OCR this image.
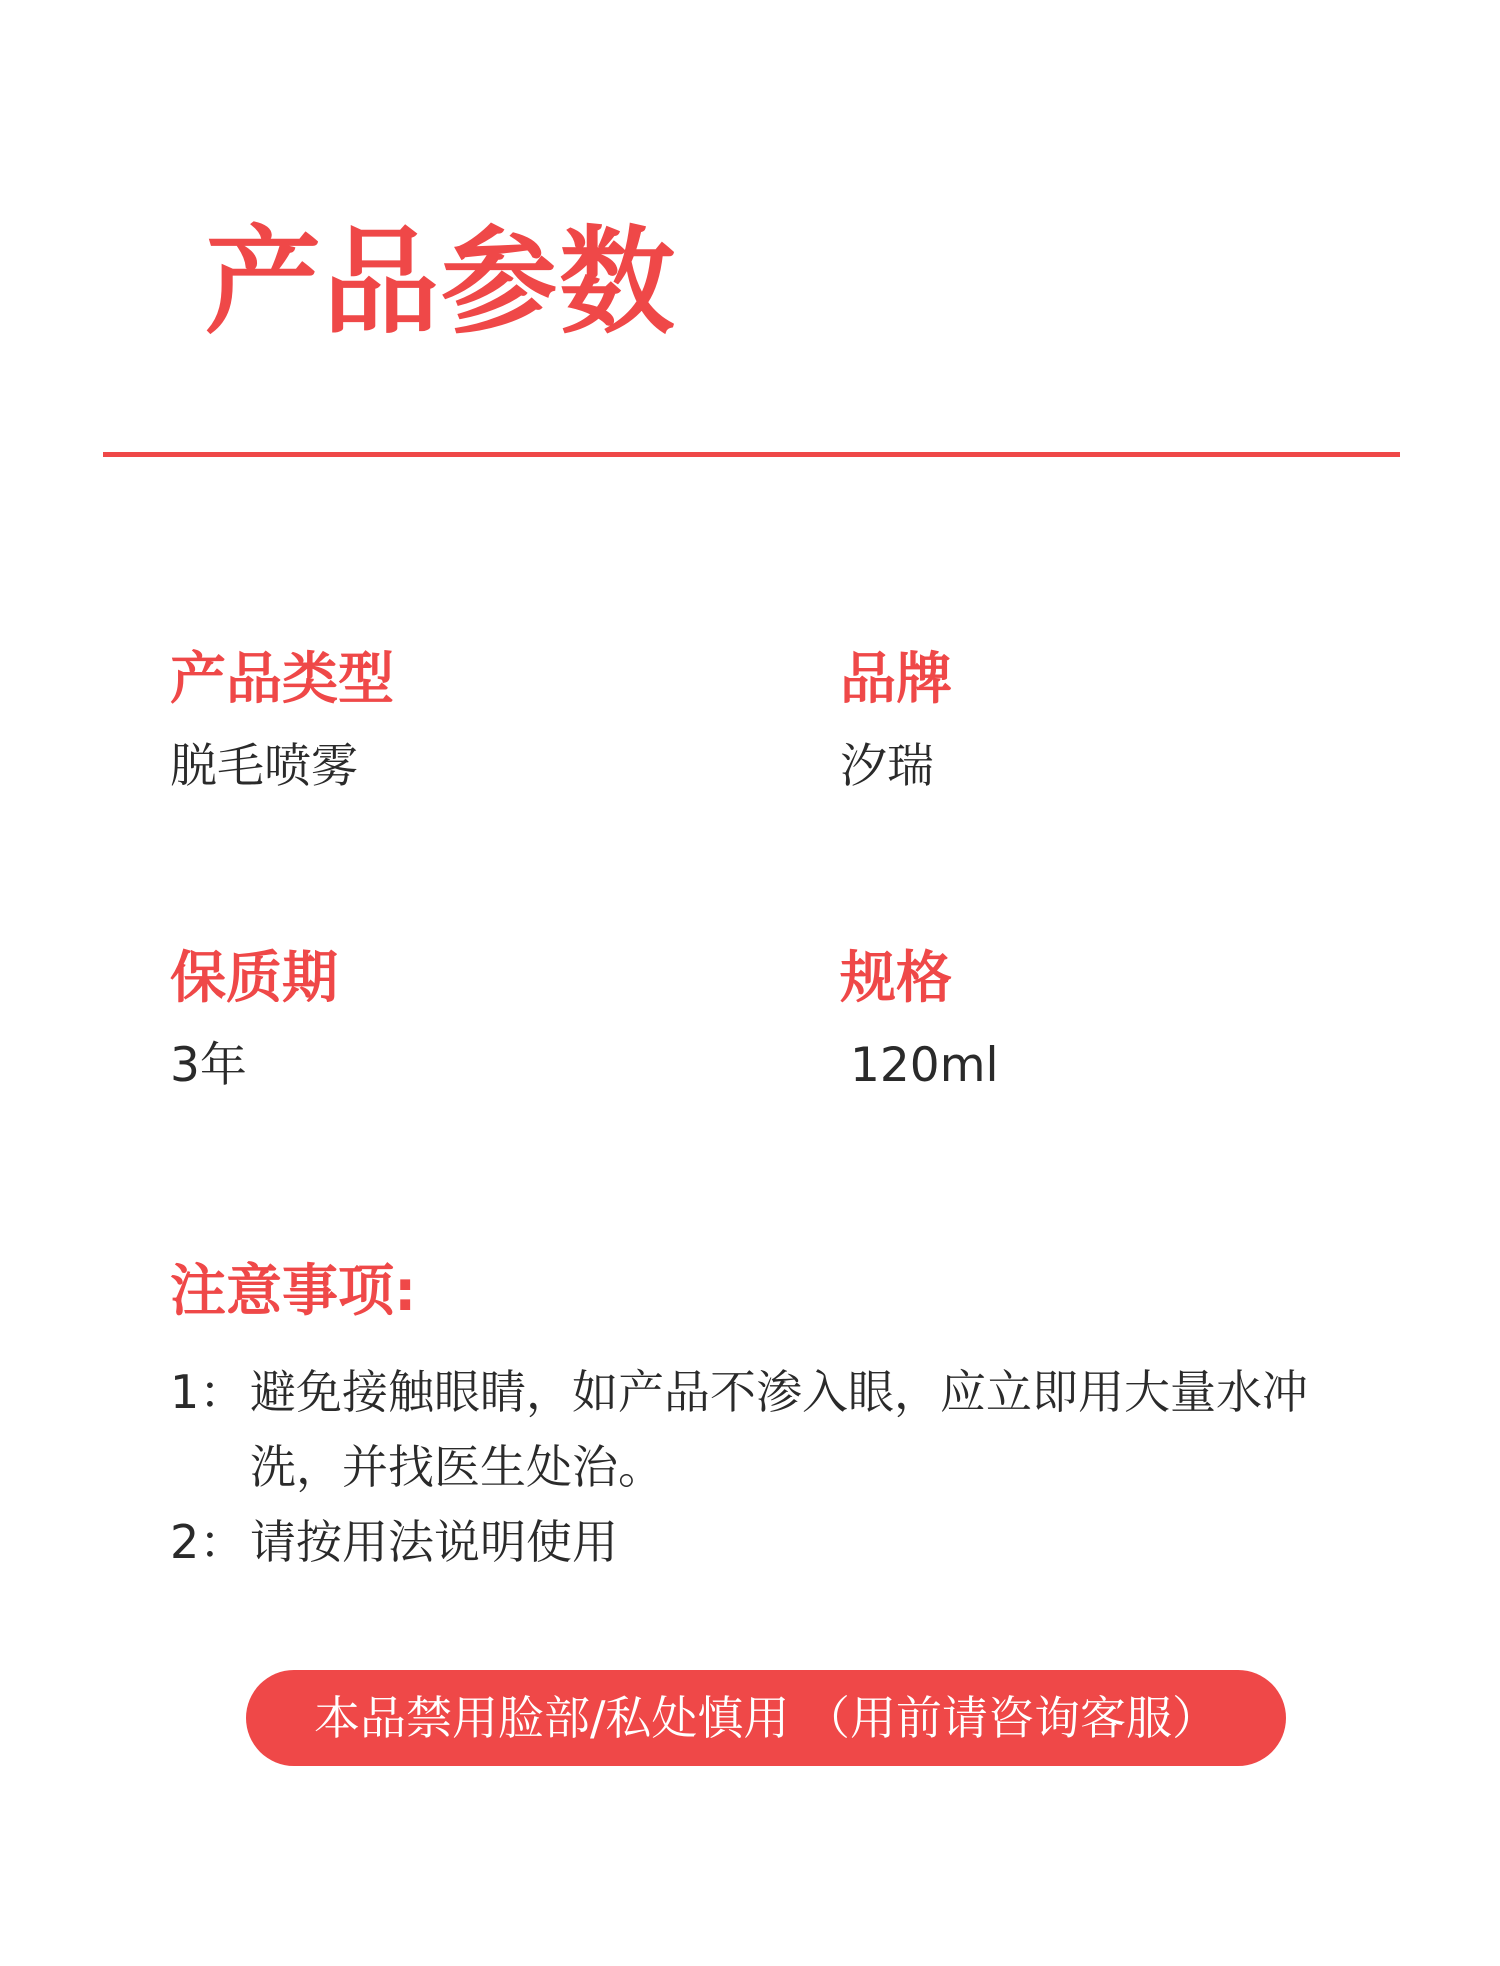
产品参数
产品类型
脱毛喷雾
品牌
汐瑞
保质期
3年
规格
120ml
注意事项:
1： 避免接触眼睛，如产品不渗入眼，应立即用大量水冲洗，并找医生处治。
2： 请按用法说明使用
本品禁用脸部/私处慎用 （用前请咨询客服）
